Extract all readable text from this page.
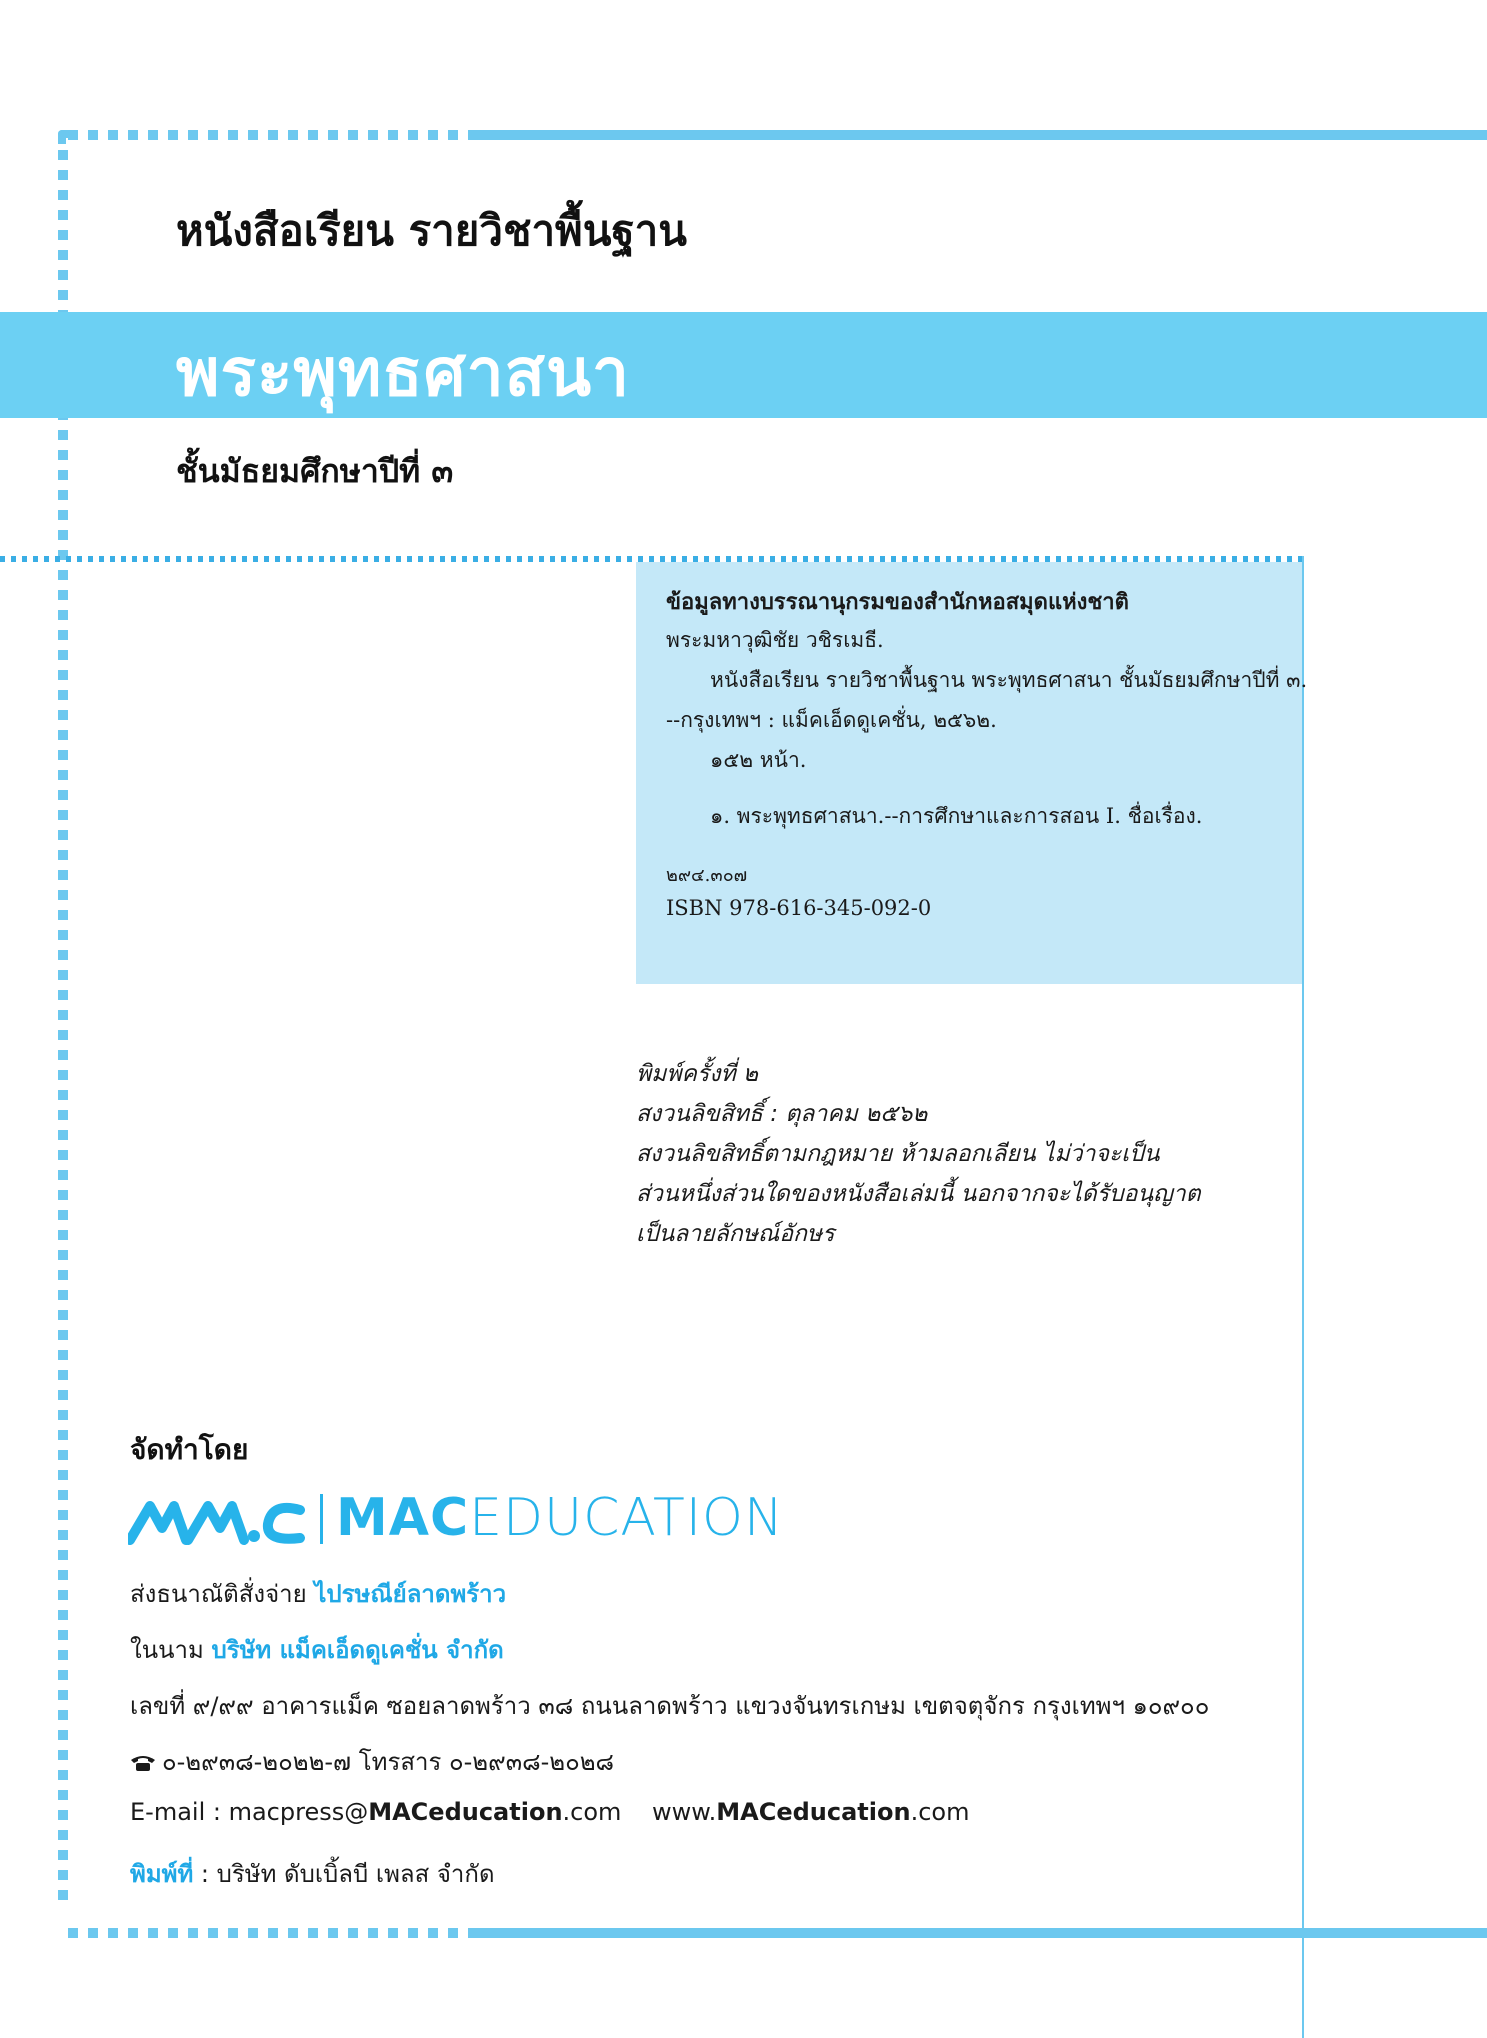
หนังสือเรียน รายวิชาพื้นฐาน
พระพุทธศาสนา
ชั้นมัธยมศึกษาปีที่ ๓
ข้อมูลทางบรรณานุกรมของสำนักหอสมุดแห่งชาติ
พระมหาวุฒิชัย วชิรเมธี.
หนังสือเรียน รายวิชาพื้นฐาน พระพุทธศาสนา ชั้นมัธยมศึกษาปีที่ ๓.
--กรุงเทพฯ : แม็คเอ็ดดูเคชั่น, ๒๕๖๒.
๑๕๒ หน้า.
๑. พระพุทธศาสนา.--การศึกษาและการสอน I. ชื่อเรื่อง.
๒๙๔.๓๐๗
ISBN 978-616-345-092-0
พิมพ์ครั้งที่ ๒
สงวนลิขสิทธิ์ : ตุลาคม ๒๕๖๒
สงวนลิขสิทธิ์ตามกฎหมาย ห้ามลอกเลียน ไม่ว่าจะเป็น
ส่วนหนึ่งส่วนใดของหนังสือเล่มนี้ นอกจากจะได้รับอนุญาต
เป็นลายลักษณ์อักษร
จัดทำโดย
MACEDUCATION
ส่งธนาณัติสั่งจ่าย ไปรษณีย์ลาดพร้าว
ในนาม บริษัท แม็คเอ็ดดูเคชั่น จำกัด
เลขที่ ๙/๙๙ อาคารแม็ค ซอยลาดพร้าว ๓๘ ถนนลาดพร้าว แขวงจันทรเกษม เขตจตุจักร กรุงเทพฯ ๑๐๙๐๐
๐-๒๙๓๘-๒๐๒๒-๗ โทรสาร ๐-๒๙๓๘-๒๐๒๘
E-mail : macpress@MACeducation.com www.MACeducation.com
พิมพ์ที่ : บริษัท ดับเบิ้ลบี เพลส จำกัด
